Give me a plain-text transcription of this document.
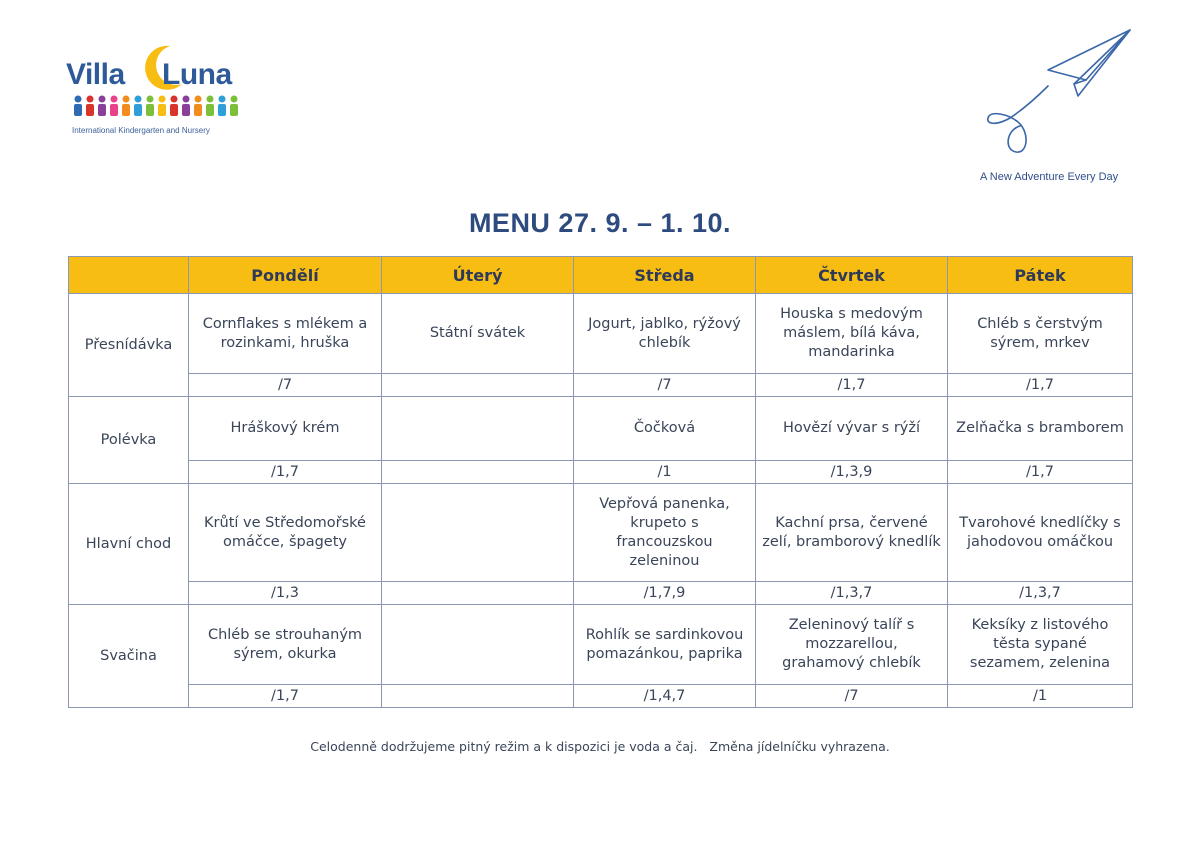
Villa Luna
International Kindergarten and Nursery
A New Adventure Every Day
MENU 27. 9. – 1. 10.
	Pondělí	Úterý	Středa	Čtvrtek	Pátek
Přesnídávka	Cornflakes s mlékem a rozinkami, hruška	Státní svátek	Jogurt, jablko, rýžový chlebík	Houska s medovým máslem, bílá káva, mandarinka	Chléb s čerstvým sýrem, mrkev
	/7		/7	/1,7	/1,7
Polévka	Hráškový krém		Čočková	Hovězí vývar s rýží	Zelňačka s bramborem
	/1,7		/1	/1,3,9	/1,7
Hlavní chod	Krůtí ve Středomořské omáčce, špagety		Vepřová panenka, krupeto s francouzskou zeleninou	Kachní prsa, červené zelí, bramborový knedlík	Tvarohové knedlíčky s jahodovou omáčkou
	/1,3		/1,7,9	/1,3,7	/1,3,7
Svačina	Chléb se strouhaným sýrem, okurka		Rohlík se sardinkovou pomazánkou, paprika	Zeleninový talíř s mozzarellou, grahamový chlebík	Keksíky z listového těsta sypané sezamem, zelenina
	/1,7		/1,4,7	/7	/1
Celodenně dodržujeme pitný režim a k dispozici je voda a čaj. Změna jídelníčku vyhrazena.
